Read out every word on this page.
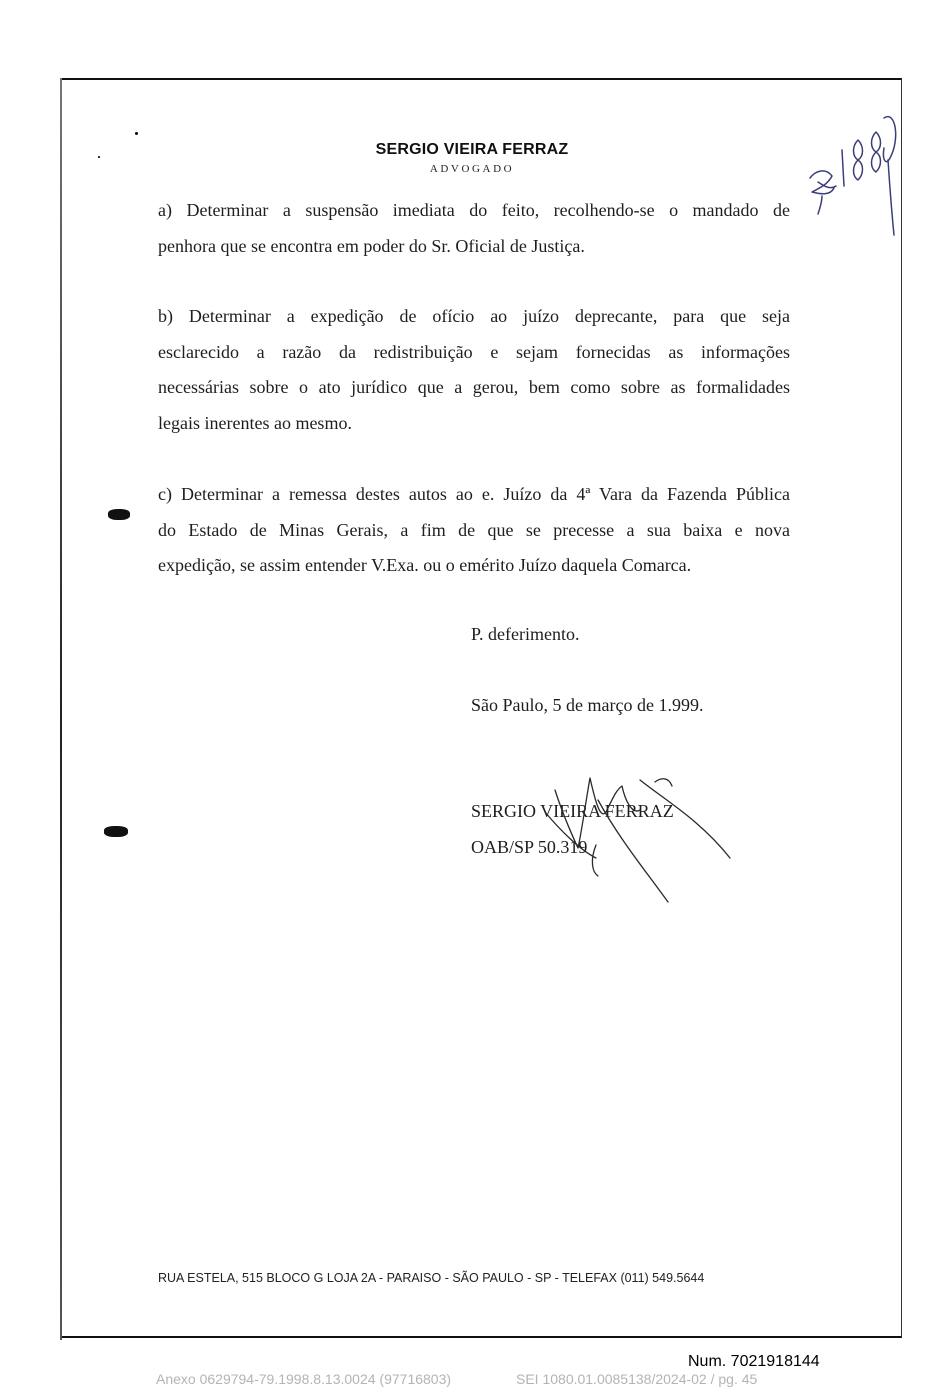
SERGIO VIEIRA FERRAZ
ADVOGADO
a) Determinar a suspensão imediata do feito, recolhendo-se o mandado de
penhora que se encontra em poder do Sr. Oficial de Justiça.
b) Determinar a expedição de ofício ao juízo deprecante, para que seja
esclarecido a razão da redistribuição e sejam fornecidas as informações
necessárias sobre o ato jurídico que a gerou, bem como sobre as formalidades
legais inerentes ao mesmo.
c) Determinar a remessa destes autos ao e. Juízo da 4ª Vara da Fazenda Pública
do Estado de Minas Gerais, a fim de que se precesse a sua baixa e nova
expedição, se assim entender V.Exa. ou o emérito Juízo daquela Comarca.
P. deferimento.
São Paulo, 5 de março de 1.999.
SERGIO VIEIRA FERRAZ
OAB/SP 50.319
RUA ESTELA, 515 BLOCO G LOJA 2A - PARAISO - SÃO PAULO - SP - TELEFAX (011) 549.5644
Num. 7021918144
Anexo 0629794-79.1998.8.13.0024 (97716803)	SEI 1080.01.0085138/2024-02 / pg. 45
